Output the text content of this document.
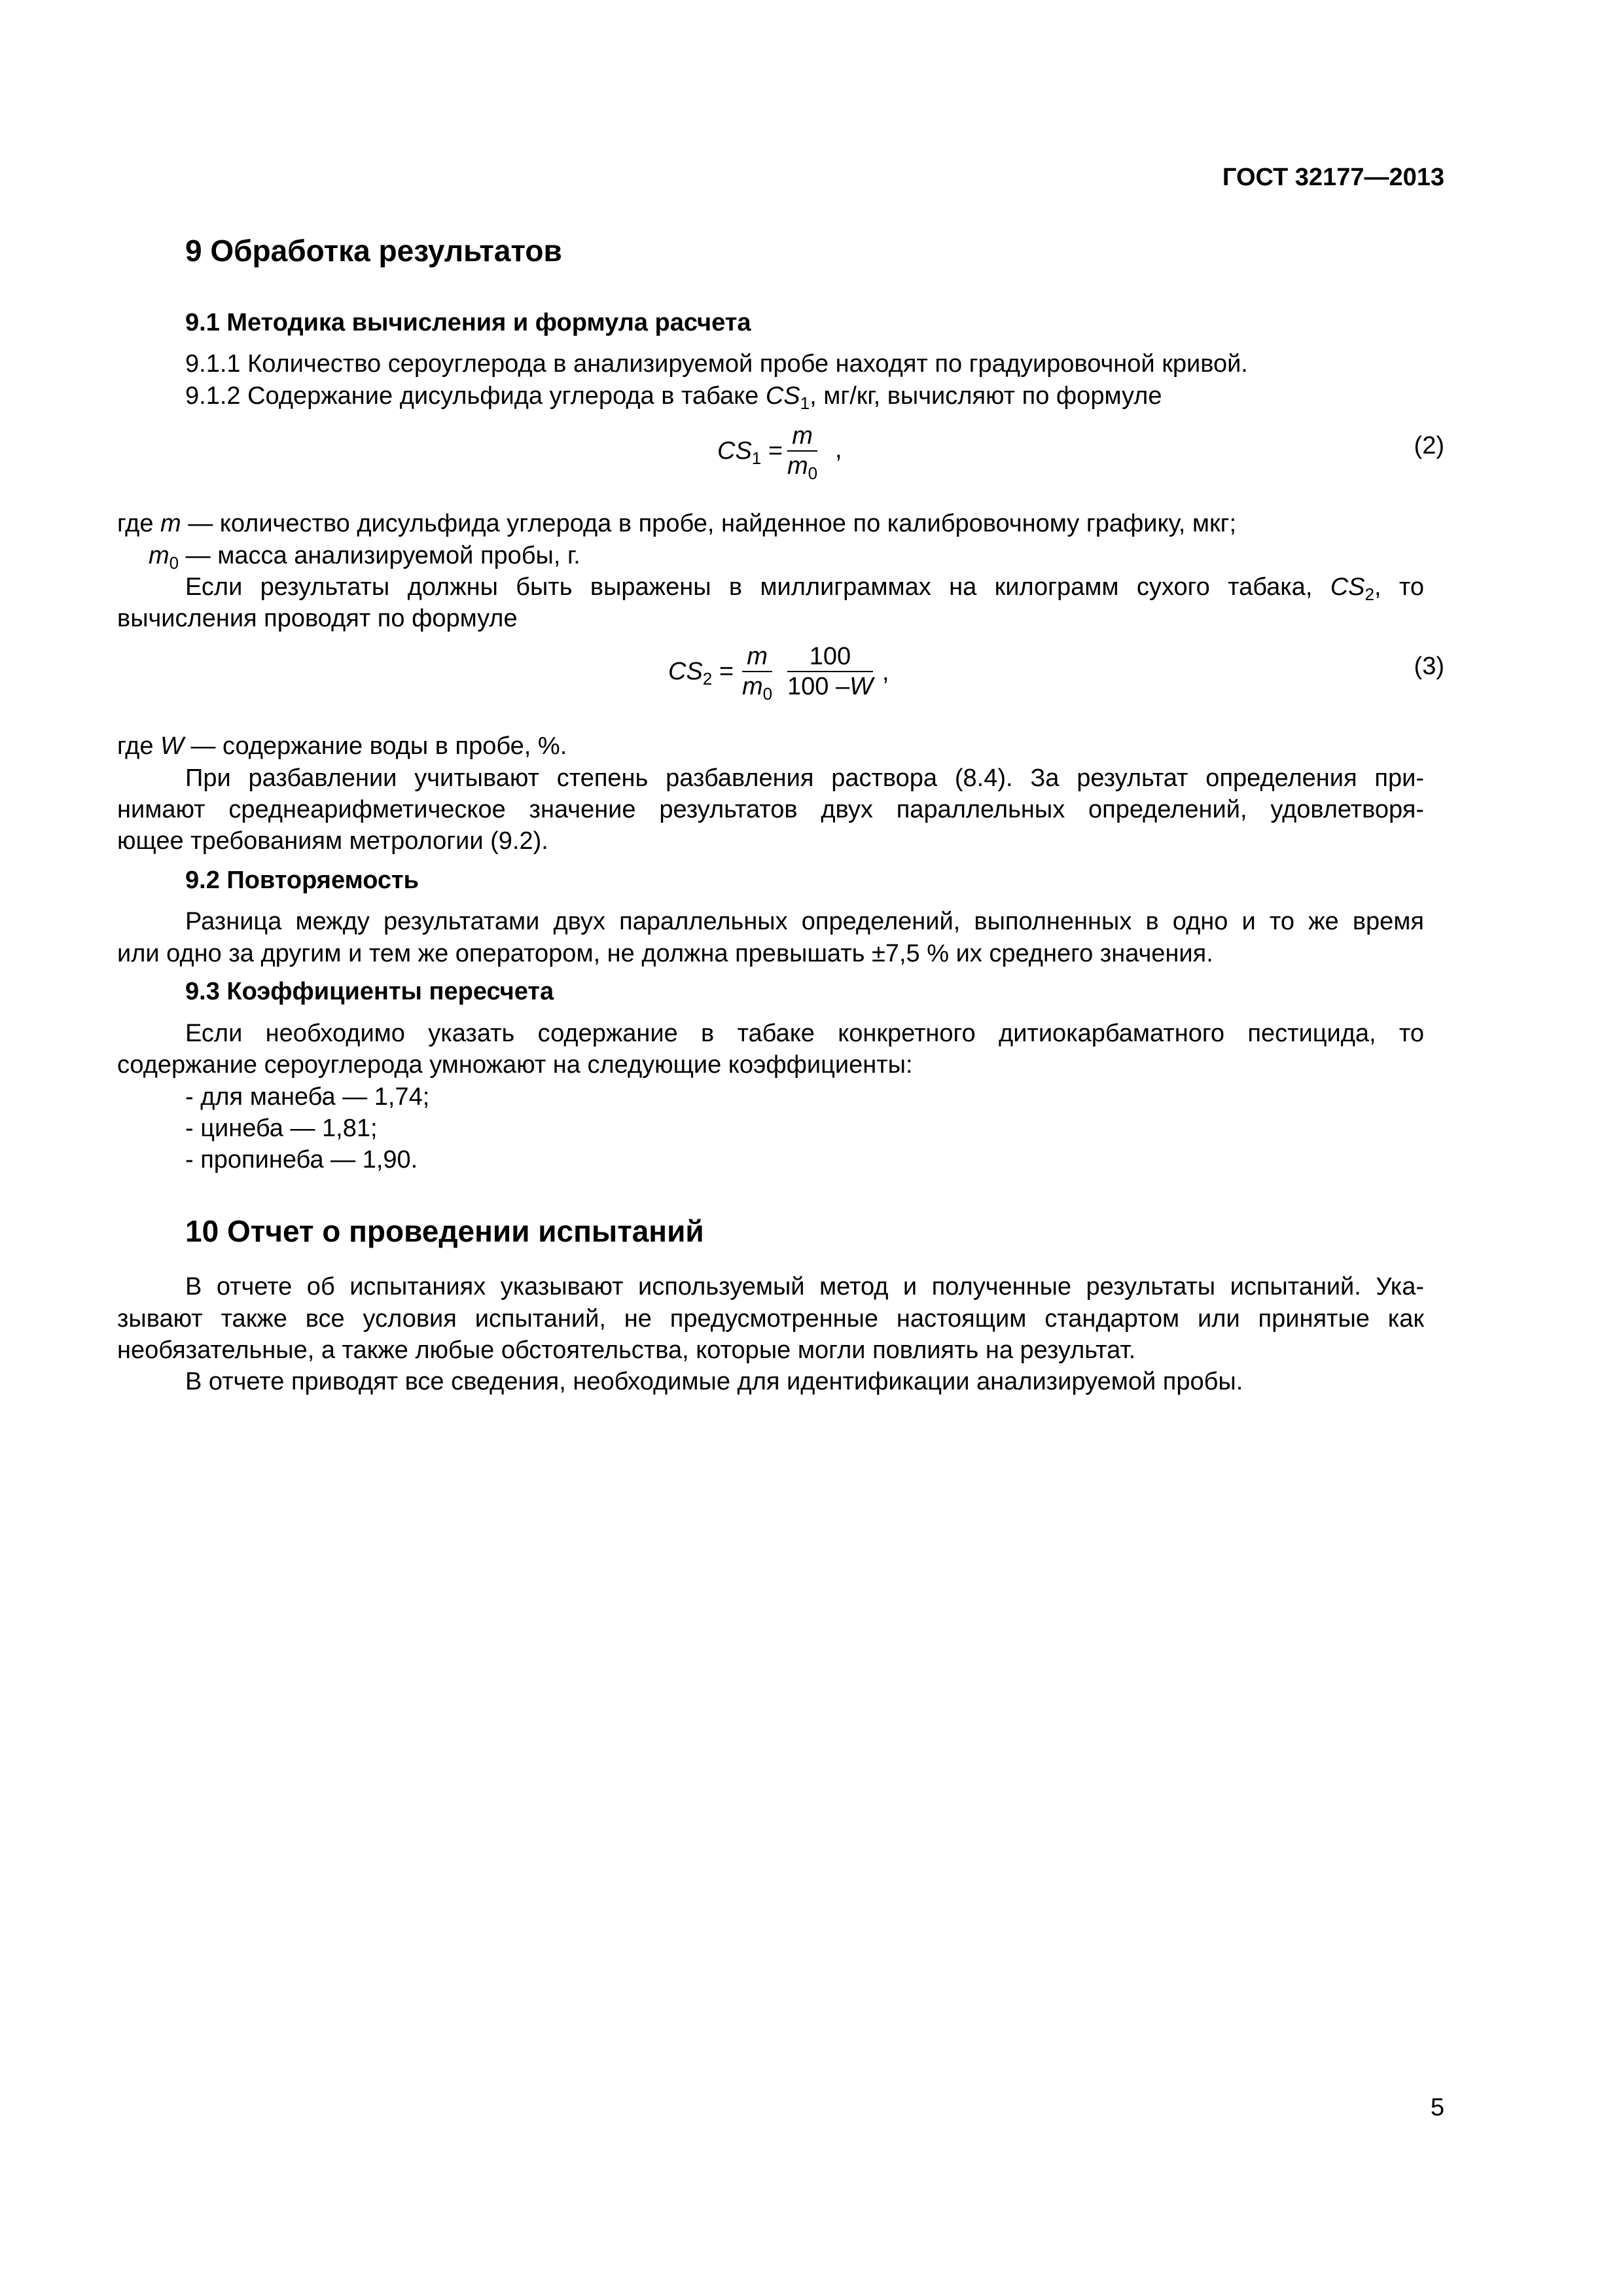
ГОСТ 32177—2013
9 Обработка результатов
9.1 Методика вычисления и формула расчета
9.1.1 Количество сероуглерода в анализируемой пробе находят по градуировочной кривой.
9.1.2 Содержание дисульфида углерода в табаке $CS_1$, мг/кг, вычисляют по формуле
$CS_1 = \frac{m}{m_0}$ ,	(2)
где m — количество дисульфида углерода в пробе, найденное по калибровочному графику, мкг;
$m_0$ — масса анализируемой пробы, г.
Если результаты должны быть выражены в миллиграммах на килограмм сухого табака, $CS_2$, то
вычисления проводят по формуле
$CS_2 = \frac{m}{m_0} \frac{100}{100 -W}$ ,	(3)
где W — содержание воды в пробе, %.
При разбавлении учитывают степень разбавления раствора (8.4). За результат определения при-
нимают среднеарифметическое значение результатов двух параллельных определений, удовлетворя-
ющее требованиям метрологии (9.2).
9.2 Повторяемость
Разница между результатами двух параллельных определений, выполненных в одно и то же время
или одно за другим и тем же оператором, не должна превышать ±7,5 % их среднего значения.
9.3 Коэффициенты пересчета
Если необходимо указать содержание в табаке конкретного дитиокарбаматного пестицида, то
содержание сероуглерода умножают на следующие коэффициенты:
- для манеба — 1,74;
- цинеба — 1,81;
- пропинеба — 1,90.
10 Отчет о проведении испытаний
В отчете об испытаниях указывают используемый метод и полученные результаты испытаний. Ука-
зывают также все условия испытаний, не предусмотренные настоящим стандартом или принятые как
необязательные, а также любые обстоятельства, которые могли повлиять на результат.
В отчете приводят все сведения, необходимые для идентификации анализируемой пробы.
5
